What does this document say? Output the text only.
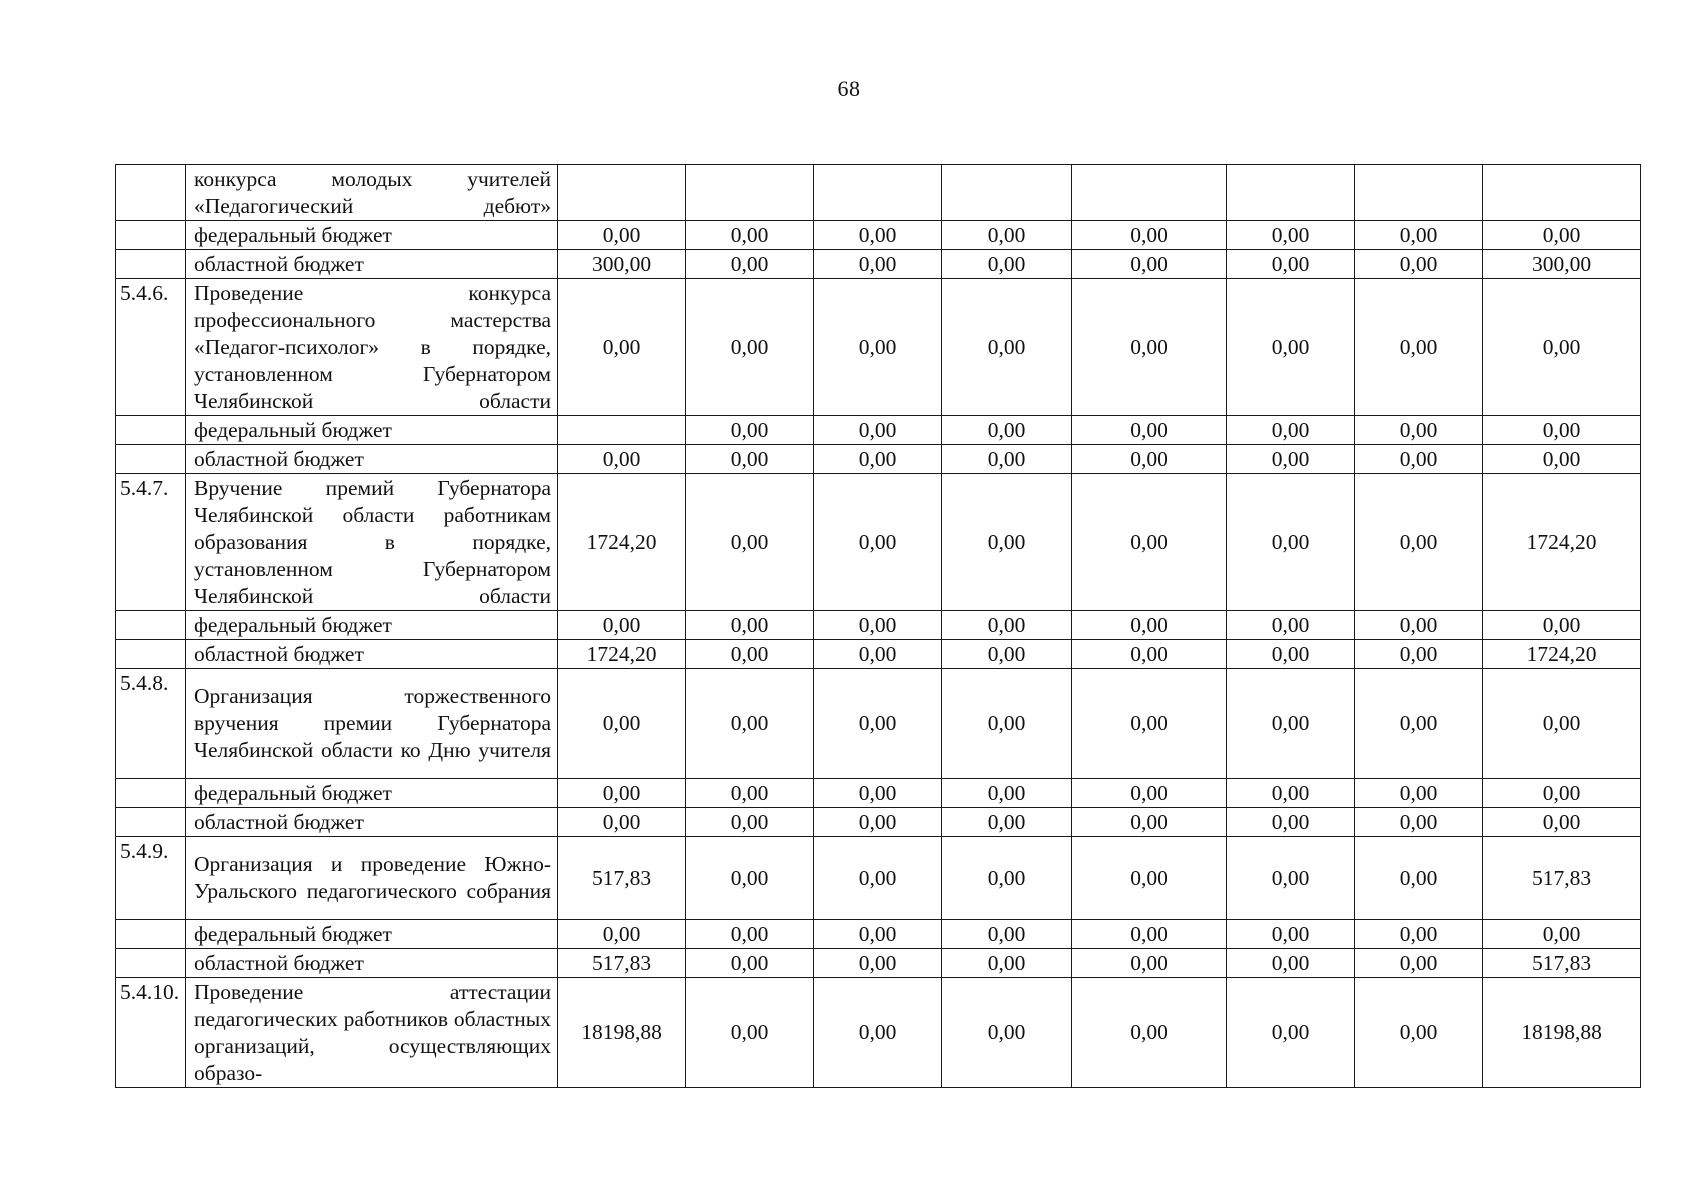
68
	конкурса молодых учителей «Педагогический дебют»								
	федеральный бюджет	0,00	0,00	0,00	0,00	0,00	0,00	0,00	0,00
	областной бюджет	300,00	0,00	0,00	0,00	0,00	0,00	0,00	300,00
5.4.6.	Проведение конкурса профессионального мастерства «Педагог-психолог» в порядке, установленном Губернатором Челябинской области	0,00	0,00	0,00	0,00	0,00	0,00	0,00	0,00
	федеральный бюджет		0,00	0,00	0,00	0,00	0,00	0,00	0,00
	областной бюджет	0,00	0,00	0,00	0,00	0,00	0,00	0,00	0,00
5.4.7.	Вручение премий Губернатора Челябинской области работникам образования в порядке, установленном Губернатором Челябинской области	1724,20	0,00	0,00	0,00	0,00	0,00	0,00	1724,20
	федеральный бюджет	0,00	0,00	0,00	0,00	0,00	0,00	0,00	0,00
	областной бюджет	1724,20	0,00	0,00	0,00	0,00	0,00	0,00	1724,20
5.4.8.	Организация торжественного вручения премии Губернатора Челябинской области ко Дню учителя	0,00	0,00	0,00	0,00	0,00	0,00	0,00	0,00
	федеральный бюджет	0,00	0,00	0,00	0,00	0,00	0,00	0,00	0,00
	областной бюджет	0,00	0,00	0,00	0,00	0,00	0,00	0,00	0,00
5.4.9.	Организация и проведение Южно-Уральского педагогического собрания	517,83	0,00	0,00	0,00	0,00	0,00	0,00	517,83
	федеральный бюджет	0,00	0,00	0,00	0,00	0,00	0,00	0,00	0,00
	областной бюджет	517,83	0,00	0,00	0,00	0,00	0,00	0,00	517,83
5.4.10.	Проведение аттестации педагогических работников областных организаций, осуществляющих образо-	18198,88	0,00	0,00	0,00	0,00	0,00	0,00	18198,88
